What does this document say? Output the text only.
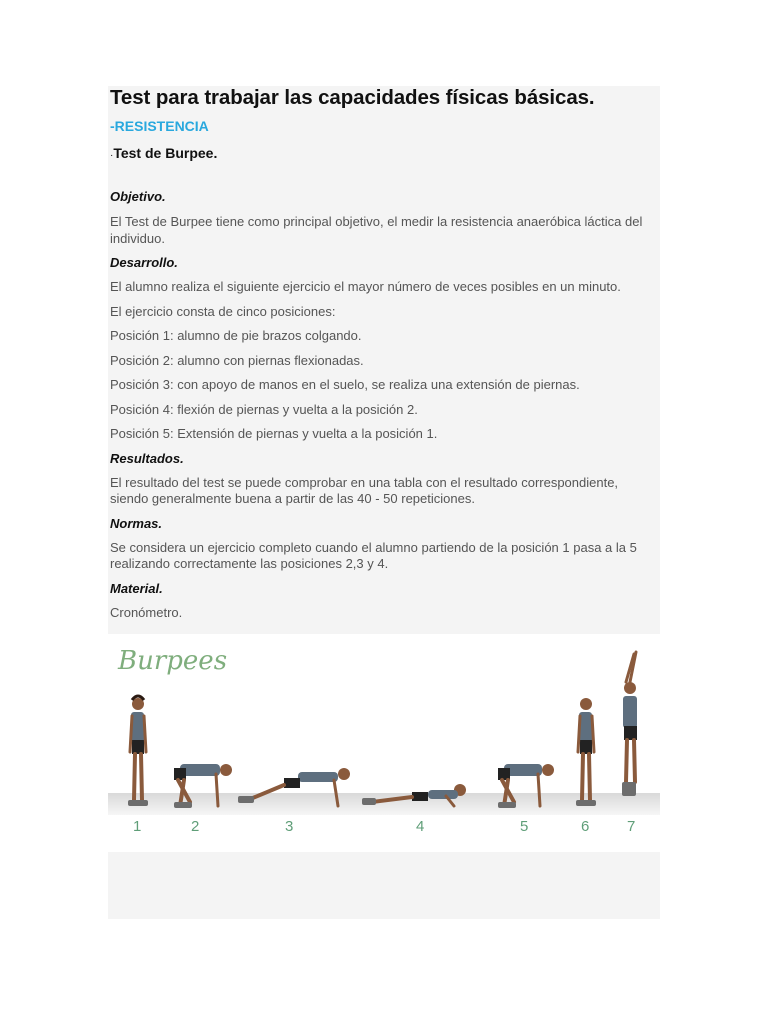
Test para trabajar las capacidades físicas básicas.
-RESISTENCIA
·Test de Burpee.
Objetivo.
El Test de Burpee tiene como principal objetivo, el medir la resistencia anaeróbica láctica del individuo.
Desarrollo.
El alumno realiza el siguiente ejercicio el mayor número de veces posibles en un minuto.
El ejercicio consta de cinco posiciones:
Posición 1: alumno de pie brazos colgando.
Posición 2: alumno con piernas flexionadas.
Posición 3: con apoyo de manos en el suelo, se realiza una extensión de piernas.
Posición 4: flexión de piernas y vuelta a la posición 2.
Posición 5: Extensión de piernas y vuelta a la posición 1.
Resultados.
El resultado del test se puede comprobar en una tabla con el resultado correspondiente, siendo generalmente buena a partir de las 40 - 50 repeticiones.
Normas.
Se considera un ejercicio completo cuando el alumno partiendo de la posición 1 pasa a la 5 realizando correctamente las posiciones 2,3 y 4.
Material.
Cronómetro.
Burpees
1	2	3	4	5	6	7
